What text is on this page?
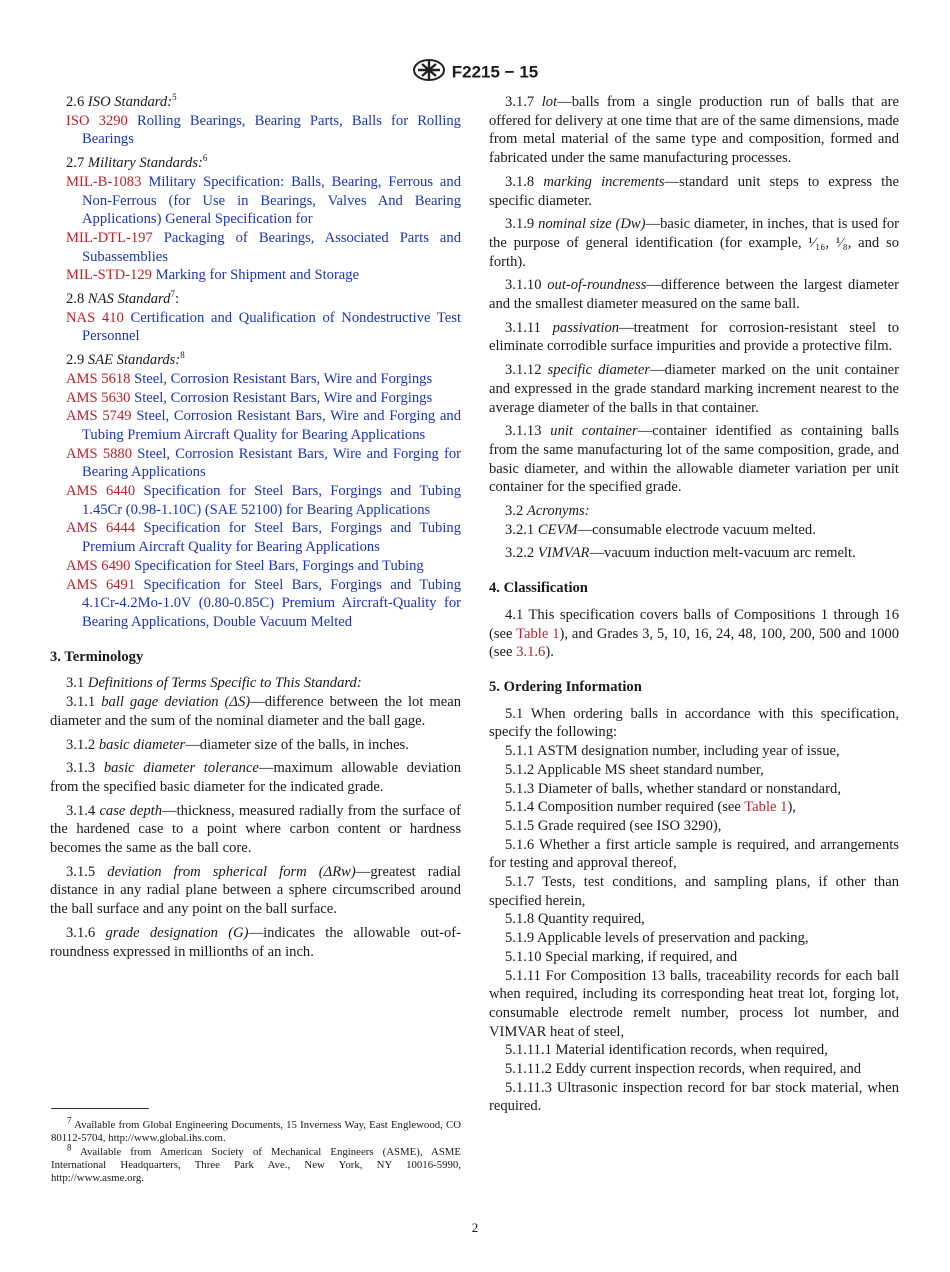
F2215 − 15

2.6 ISO Standard:$^5$

ISO 3290 Rolling Bearings, Bearing Parts, Balls for Rolling Bearings

2.7 Military Standards:$^6$

MIL-B-1083 Military Specification: Balls, Bearing, Ferrous and Non-Ferrous (for Use in Bearings, Valves And Bearing Applications) General Specification for

MIL-DTL-197 Packaging of Bearings, Associated Parts and Subassemblies

MIL-STD-129 Marking for Shipment and Storage

2.8 NAS Standard$^7$:

NAS 410 Certification and Qualification of Nondestructive Test Personnel

2.9 SAE Standards:$^8$

AMS 5618 Steel, Corrosion Resistant Bars, Wire and Forgings

AMS 5630 Steel, Corrosion Resistant Bars, Wire and Forgings

AMS 5749 Steel, Corrosion Resistant Bars, Wire and Forging and Tubing Premium Aircraft Quality for Bearing Applications

AMS 5880 Steel, Corrosion Resistant Bars, Wire and Forging for Bearing Applications

AMS 6440 Specification for Steel Bars, Forgings and Tubing 1.45Cr (0.98-1.10C) (SAE 52100) for Bearing Applications

AMS 6444 Specification for Steel Bars, Forgings and Tubing Premium Aircraft Quality for Bearing Applications

AMS 6490 Specification for Steel Bars, Forgings and Tubing

AMS 6491 Specification for Steel Bars, Forgings and Tubing 4.1Cr-4.2Mo-1.0V (0.80-0.85C) Premium Aircraft-Quality for Bearing Applications, Double Vacuum Melted

3. Terminology

3.1 Definitions of Terms Specific to This Standard:

3.1.1 ball gage deviation (ΔS)—difference between the lot mean diameter and the sum of the nominal diameter and the ball gage.

3.1.2 basic diameter—diameter size of the balls, in inches.

3.1.3 basic diameter tolerance—maximum allowable deviation from the specified basic diameter for the indicated grade.

3.1.4 case depth—thickness, measured radially from the surface of the hardened case to a point where carbon content or hardness becomes the same as the ball core.

3.1.5 deviation from spherical form (ΔRw)—greatest radial distance in any radial plane between a sphere circumscribed around the ball surface and any point on the ball surface.

3.1.6 grade designation (G)—indicates the allowable out-of-roundness expressed in millionths of an inch.

3.1.7 lot—balls from a single production run of balls that are offered for delivery at one time that are of the same dimensions, made from metal material of the same type and composition, formed and fabricated under the same manufacturing processes.

3.1.8 marking increments—standard unit steps to express the specific diameter.

3.1.9 nominal size (Dw)—basic diameter, in inches, that is used for the purpose of general identification (for example, ¹⁄₁₆, ¹⁄₈, and so forth).

3.1.10 out-of-roundness—difference between the largest diameter and the smallest diameter measured on the same ball.

3.1.11 passivation—treatment for corrosion-resistant steel to eliminate corrodible surface impurities and provide a protective film.

3.1.12 specific diameter—diameter marked on the unit container and expressed in the grade standard marking increment nearest to the average diameter of the balls in that container.

3.1.13 unit container—container identified as containing balls from the same manufacturing lot of the same composition, grade, and basic diameter, and within the allowable diameter variation per unit container for the specified grade.

3.2 Acronyms:

3.2.1 CEVM—consumable electrode vacuum melted.

3.2.2 VIMVAR—vacuum induction melt-vacuum arc remelt.

4. Classification

4.1 This specification covers balls of Compositions 1 through 16 (see Table 1), and Grades 3, 5, 10, 16, 24, 48, 100, 200, 500 and 1000 (see 3.1.6).

5. Ordering Information

5.1 When ordering balls in accordance with this specification, specify the following:

5.1.1 ASTM designation number, including year of issue,

5.1.2 Applicable MS sheet standard number,

5.1.3 Diameter of balls, whether standard or nonstandard,

5.1.4 Composition number required (see Table 1),

5.1.5 Grade required (see ISO 3290),

5.1.6 Whether a first article sample is required, and arrangements for testing and approval thereof,

5.1.7 Tests, test conditions, and sampling plans, if other than specified herein,

5.1.8 Quantity required,

5.1.9 Applicable levels of preservation and packing,

5.1.10 Special marking, if required, and

5.1.11 For Composition 13 balls, traceability records for each ball when required, including its corresponding heat treat lot, forging lot, consumable electrode remelt number, process lot number, and VIMVAR heat of steel,

5.1.11.1 Material identification records, when required,

5.1.11.2 Eddy current inspection records, when required, and

5.1.11.3 Ultrasonic inspection record for bar stock material, when required.

$^7$ Available from Global Engineering Documents, 15 Inverness Way, East Englewood, CO 80112-5704, http://www.global.ihs.com.

$^8$ Available from American Society of Mechanical Engineers (ASME), ASME International Headquarters, Three Park Ave., New York, NY 10016-5990, http://www.asme.org.

2
